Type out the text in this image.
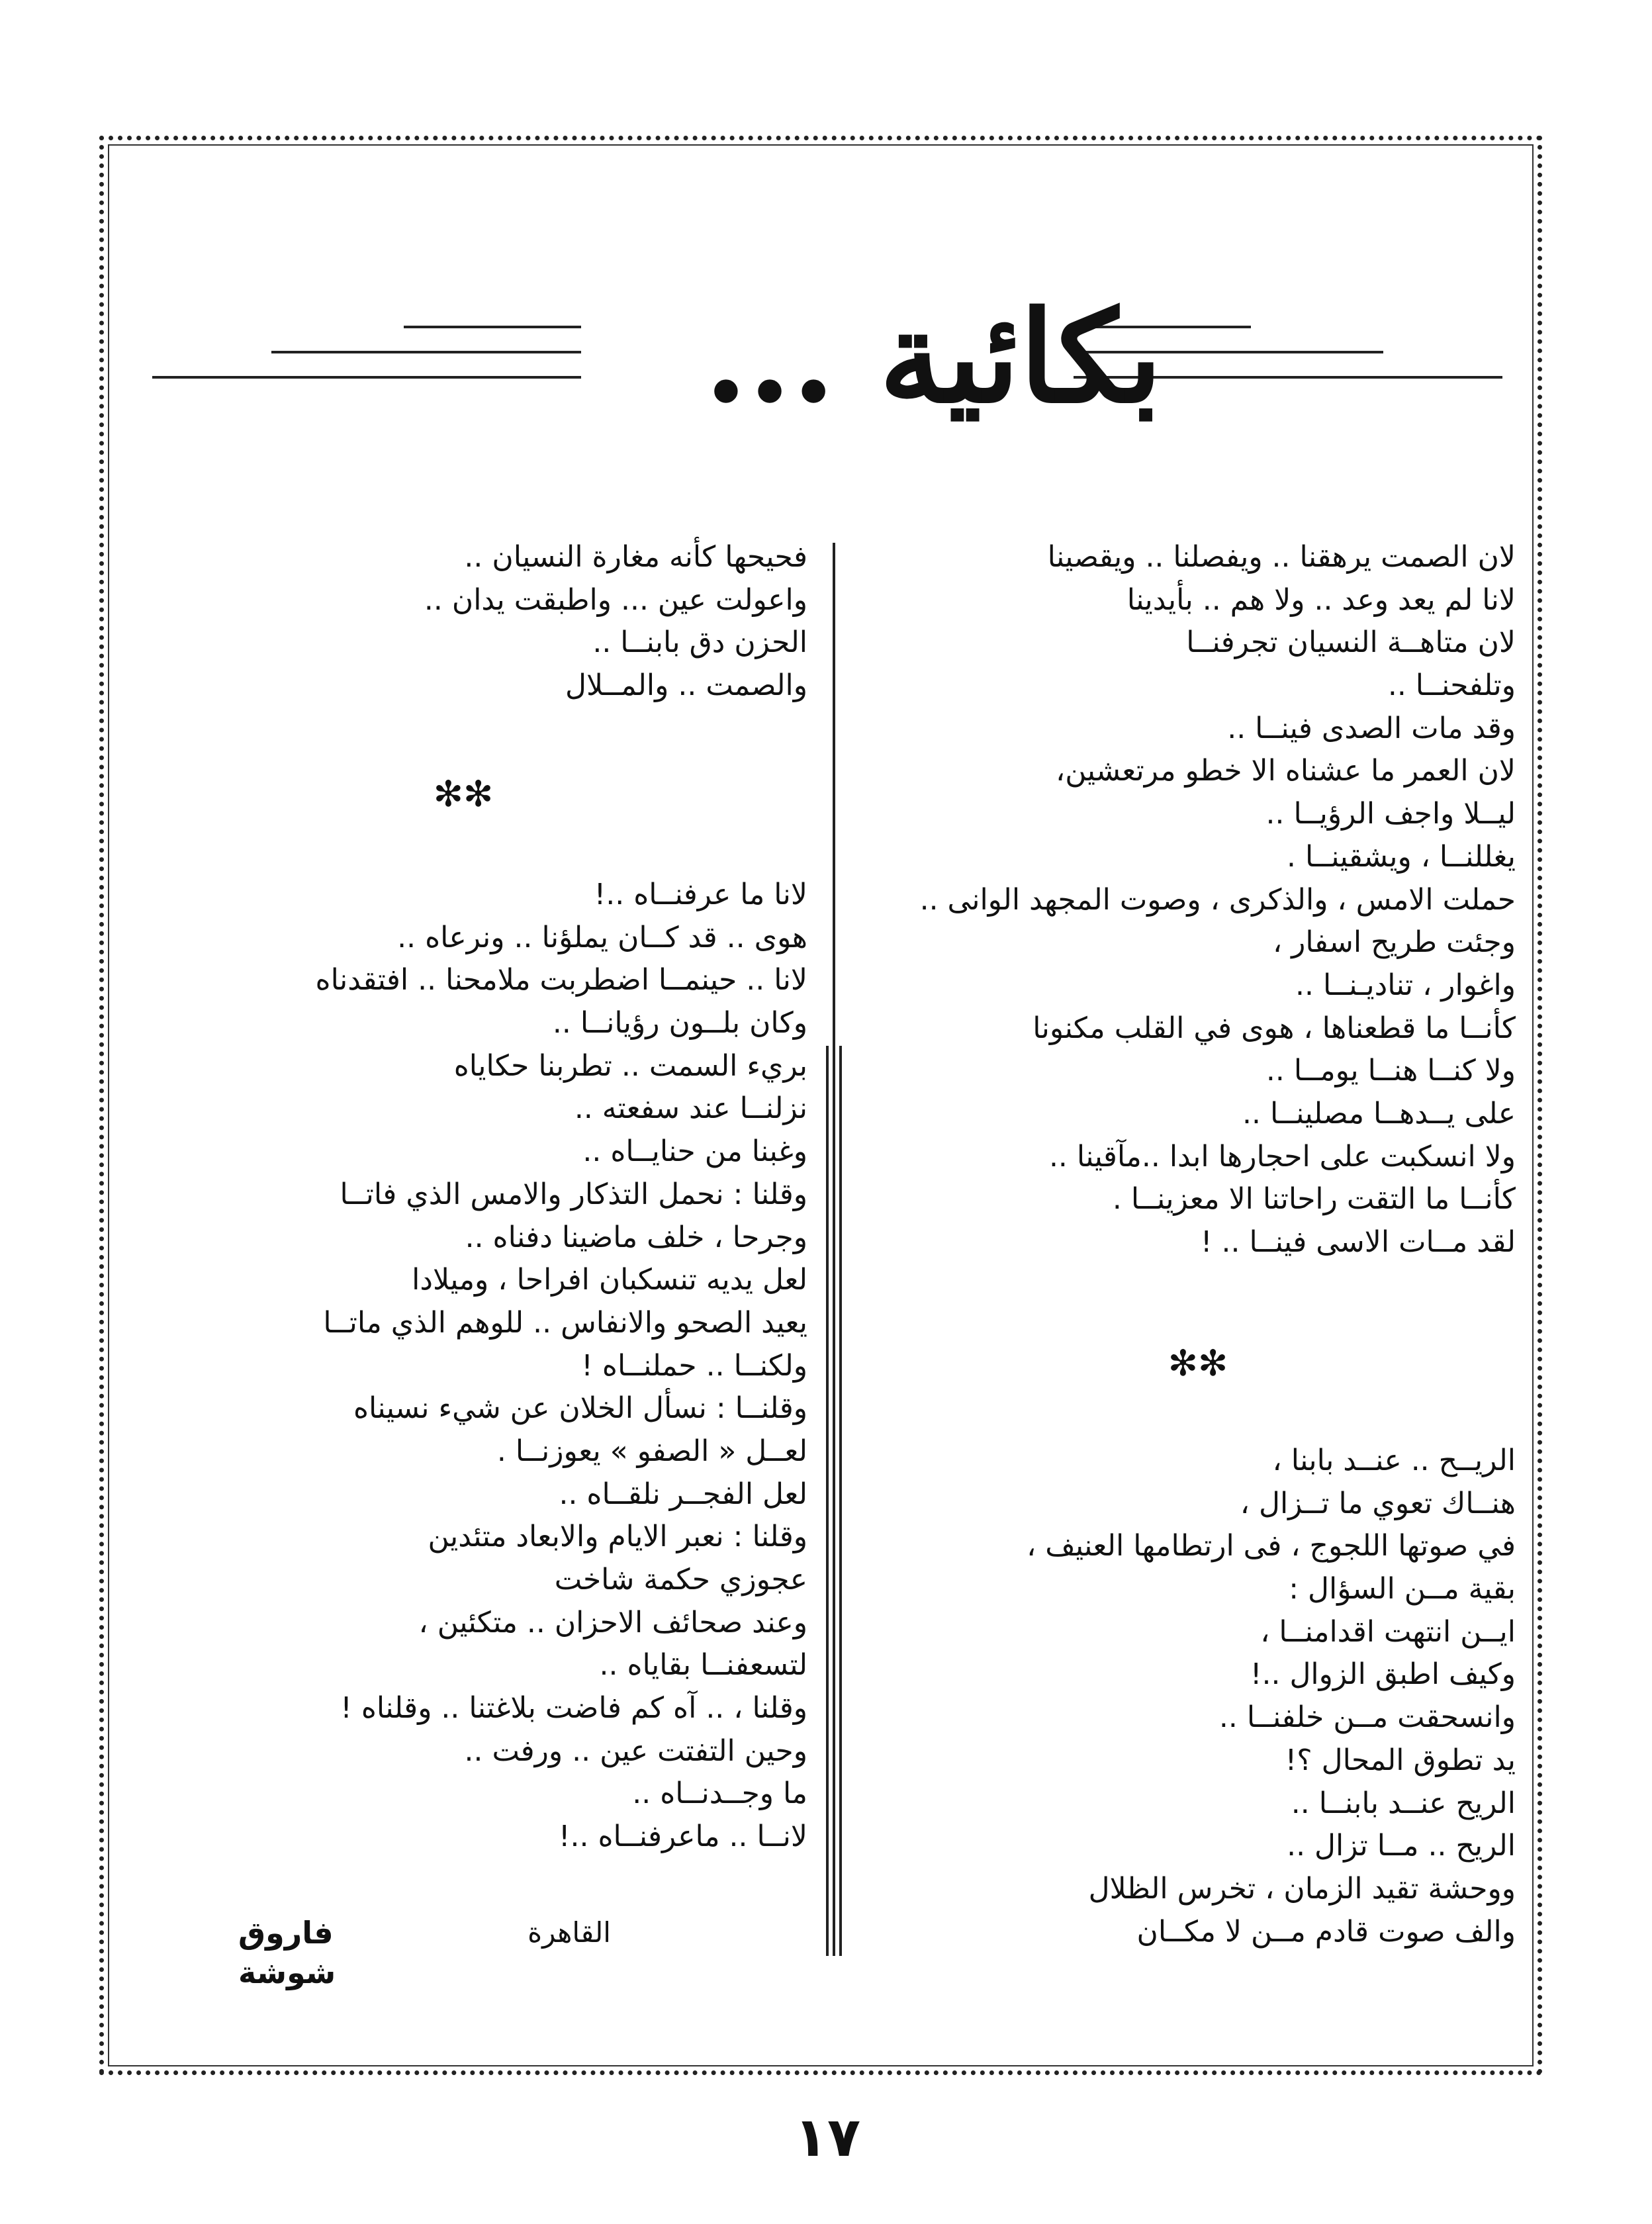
بكائية ...
لان الصمت يرهقنا .. ويفصلنا .. ويقصينا
لانا لم يعد وعد .. ولا هم .. بأيدينا
لان متاهــة النسيان تجرفنــا
وتلفحنــا ..
وقد مات الصدى فينــا ..
لان العمر ما عشناه الا خطو مرتعشين،
ليــلا واجف الرؤيــا ..
يغللنــا ، ويشقينــا .
حملت الامس ، والذكرى ، وصوت المجهد الوانى ..
وجئت طريح اسفار ،
واغوار ، تناديـنــا ..
كأنــا ما قطعناها ، هوى في القلب مكنونا
ولا كنــا هنــا يومــا ..
على يــدهــا مصلينــا ..
ولا انسكبت على احجارها ابدا ..مآقينا ..
كأنــا ما التقت راحاتنا الا معزينــا .
لقد مــات الاسى فينــا .. !
✻✻
الريــح .. عنــد بابنا ،
هنــاك تعوي ما تــزال ،
في صوتها اللجوج ، فى ارتطامها العنيف ،
بقية مــن السؤال :
ايــن انتهت اقدامنــا ،
وكيف اطبق الزوال ..!
وانسحقت مــن خلفنــا ..
يد تطوق المحال ؟!
الريح عنــد بابنــا ..
الريح .. مــا تزال ..
ووحشة تقيد الزمان ، تخرس الظلال
والف صوت قادم مــن لا مكــان
فحيحها كأنه مغارة النسيان ..
واعولت عين ... واطبقت يدان ..
الحزن دق بابنــا ..
والصمت .. والمــلال
✻✻
لانا ما عرفنــاه ..!
هوى .. قد كــان يملؤنا .. ونرعاه ..
لانا .. حينمــا اضطربت ملامحنا .. افتقدناه
وكان بلــون رؤيانــا ..
بريء السمت .. تطربنا حكاياه
نزلنــا عند سفعته ..
وغبنا من حنايــاه ..
وقلنا : نحمل التذكار والامس الذي فاتــا
وجرحا ، خلف ماضينا دفناه ..
لعل يديه تنسكبان افراحا ، وميلادا
يعيد الصحو والانفاس .. للوهم الذي ماتــا
ولكنــا .. حملنــاه !
وقلنــا : نسأل الخلان عن شيء نسيناه
لعــل « الصفو » يعوزنــا .
لعل الفجــر نلقــاه ..
وقلنا : نعبر الايام والابعاد متئدين
عجوزي حكمة شاخت
وعند صحائف الاحزان .. متكئين ،
لتسعفنــا بقاياه ..
وقلنا ، .. آه كم فاضت بلاغتنا .. وقلناه !
وحين التفتت عين .. ورفت ..
ما وجــدنــاه ..
لانــا .. ماعرفنــاه ..!
فاروق شوشة
القاهرة
١٧
